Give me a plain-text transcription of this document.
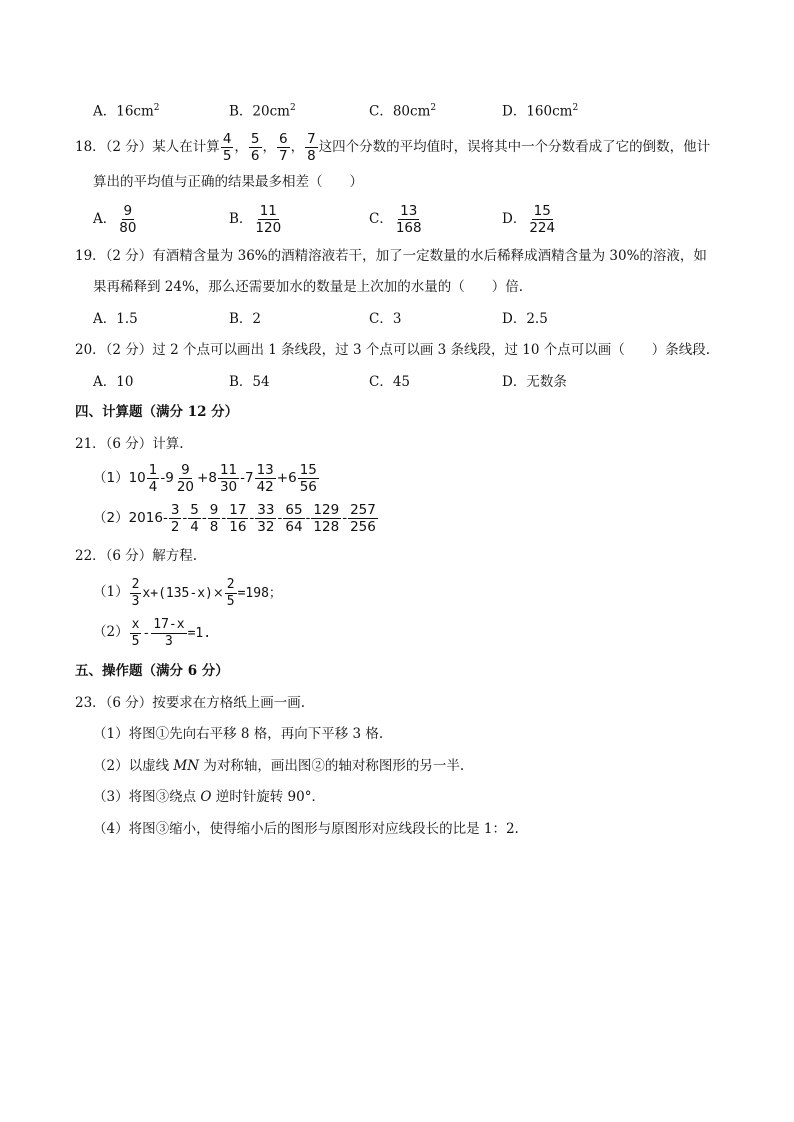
A．$16cm^2$	B．$20cm^2$	C．$80cm^2$	D．$160cm^2$
18．（2 分）某人在计算 $\frac{4}{5}$ ， $\frac{5}{6}$ ， $\frac{6}{7}$ ， $\frac{7}{8}$ 这四个分数的平均值时，误将其中一个分数看成了它的倒数，他计
算出的平均值与正确的结果最多相差（　　）
A． $\frac{9}{80}$	B． $\frac{11}{120}$	C． $\frac{13}{168}$	D． $\frac{15}{224}$
19．（2 分）有酒精含量为 36%的酒精溶液若干，加了一定数量的水后稀释成酒精含量为 30%的溶液，如
果再稀释到 24%，那么还需要加水的数量是上次加的水量的（　　）倍.
A．1.5	B．2	C．3	D．2.5
20．（2 分）过 2 个点可以画出 1 条线段，过 3 个点可以画 3 条线段，过 10 个点可以画（　　）条线段.
A．10	B．54	C．45	D．无数条
四、计算题（满分 12 分）
21．（6 分）计算.
$(1)10 \frac{1}{4} -9 \frac{9}{20} +8 \frac{11}{30} -7 \frac{13}{42} +6 \frac{15}{56}$
$(2)2016- \frac{3}{2} - \frac{5}{4} - \frac{9}{8} - \frac{17}{16} - \frac{33}{32} - \frac{65}{64} - \frac{129}{128} - \frac{257}{256}$
22．（6 分）解方程.
$(1) \frac{2}{3} x+(135-x)\times \frac{2}{5} =198$；
$(2) \frac{x}{5} - \frac{17-x}{3} =1$.
五、操作题（满分 6 分）
23．（6 分）按要求在方格纸上画一画.
（1）将图①先向右平移 8 格，再向下平移 3 格.
（2）以虚线 MN 为对称轴，画出图②的轴对称图形的另一半.
（3）将图③绕点 O 逆时针旋转 90°．
（4）将图③缩小，使得缩小后的图形与原图形对应线段长的比是 1：2.
